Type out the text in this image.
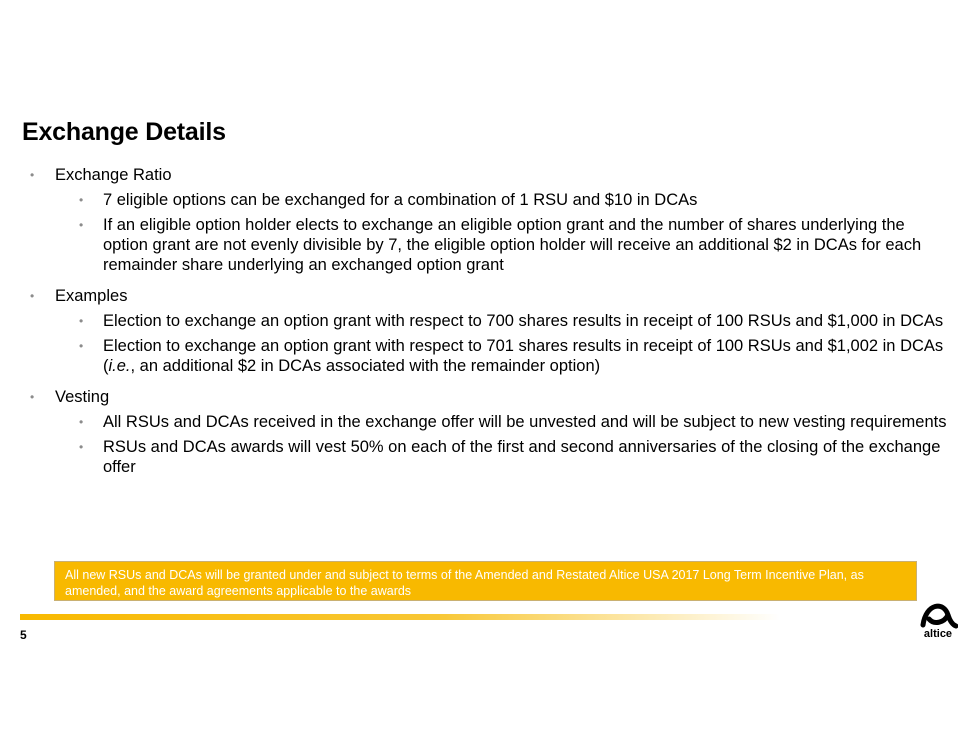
Exchange Details
• Exchange Ratio
• 7 eligible options can be exchanged for a combination of 1 RSU and $10 in DCAs
• If an eligible option holder elects to exchange an eligible option grant and the number of shares underlying the option grant are not evenly divisible by 7, the eligible option holder will receive an additional $2 in DCAs for each remainder share underlying an exchanged option grant
• Examples
• Election to exchange an option grant with respect to 700 shares results in receipt of 100 RSUs and $1,000 in DCAs
• Election to exchange an option grant with respect to 701 shares results in receipt of 100 RSUs and $1,002 in DCAs (i.e., an additional $2 in DCAs associated with the remainder option)
• Vesting
• All RSUs and DCAs received in the exchange offer will be unvested and will be subject to new vesting requirements
• RSUs and DCAs awards will vest 50% on each of the first and second anniversaries of the closing of the exchange offer
All new RSUs and DCAs will be granted under and subject to terms of the Amended and Restated Altice USA 2017 Long Term Incentive Plan, as amended, and the award agreements applicable to the awards
5	altice
